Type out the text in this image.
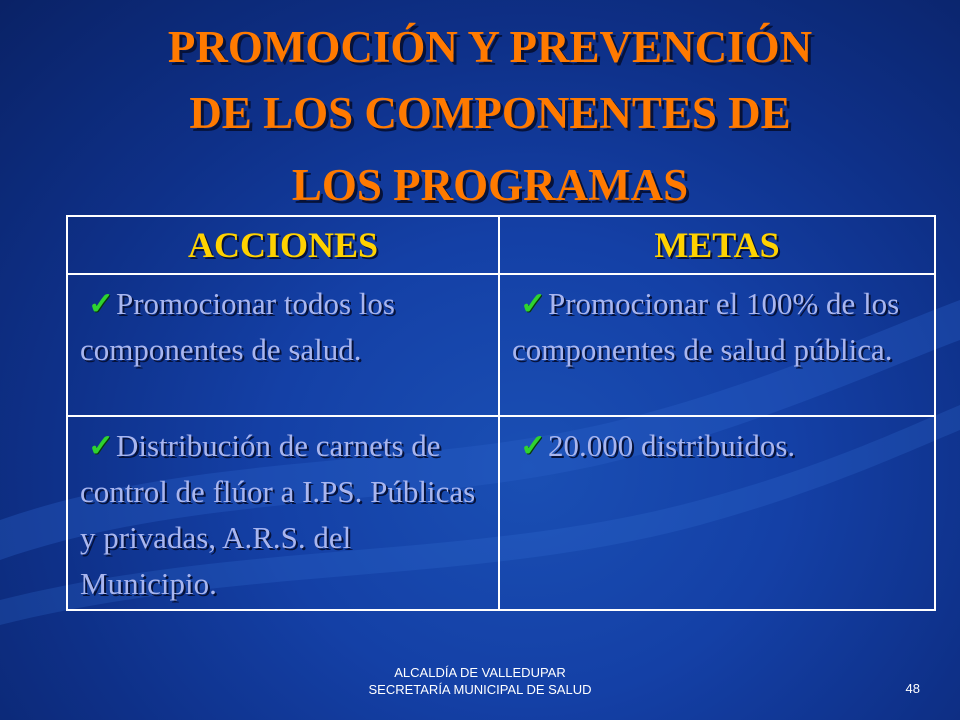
PROMOCIÓN Y PREVENCIÓN
DE LOS COMPONENTES DE
LOS PROGRAMAS
ACCIONES	METAS

✓Promocionar todos los componentes de salud.	✓Promocionar el 100% de los componentes de salud pública.

✓Distribución de carnets de control de flúor a I.PS. Públicas y privadas, A.R.S. del Municipio.	✓20.000 distribuidos.
ALCALDÍA DE VALLEDUPAR
SECRETARÍA MUNICIPAL DE SALUD	48
